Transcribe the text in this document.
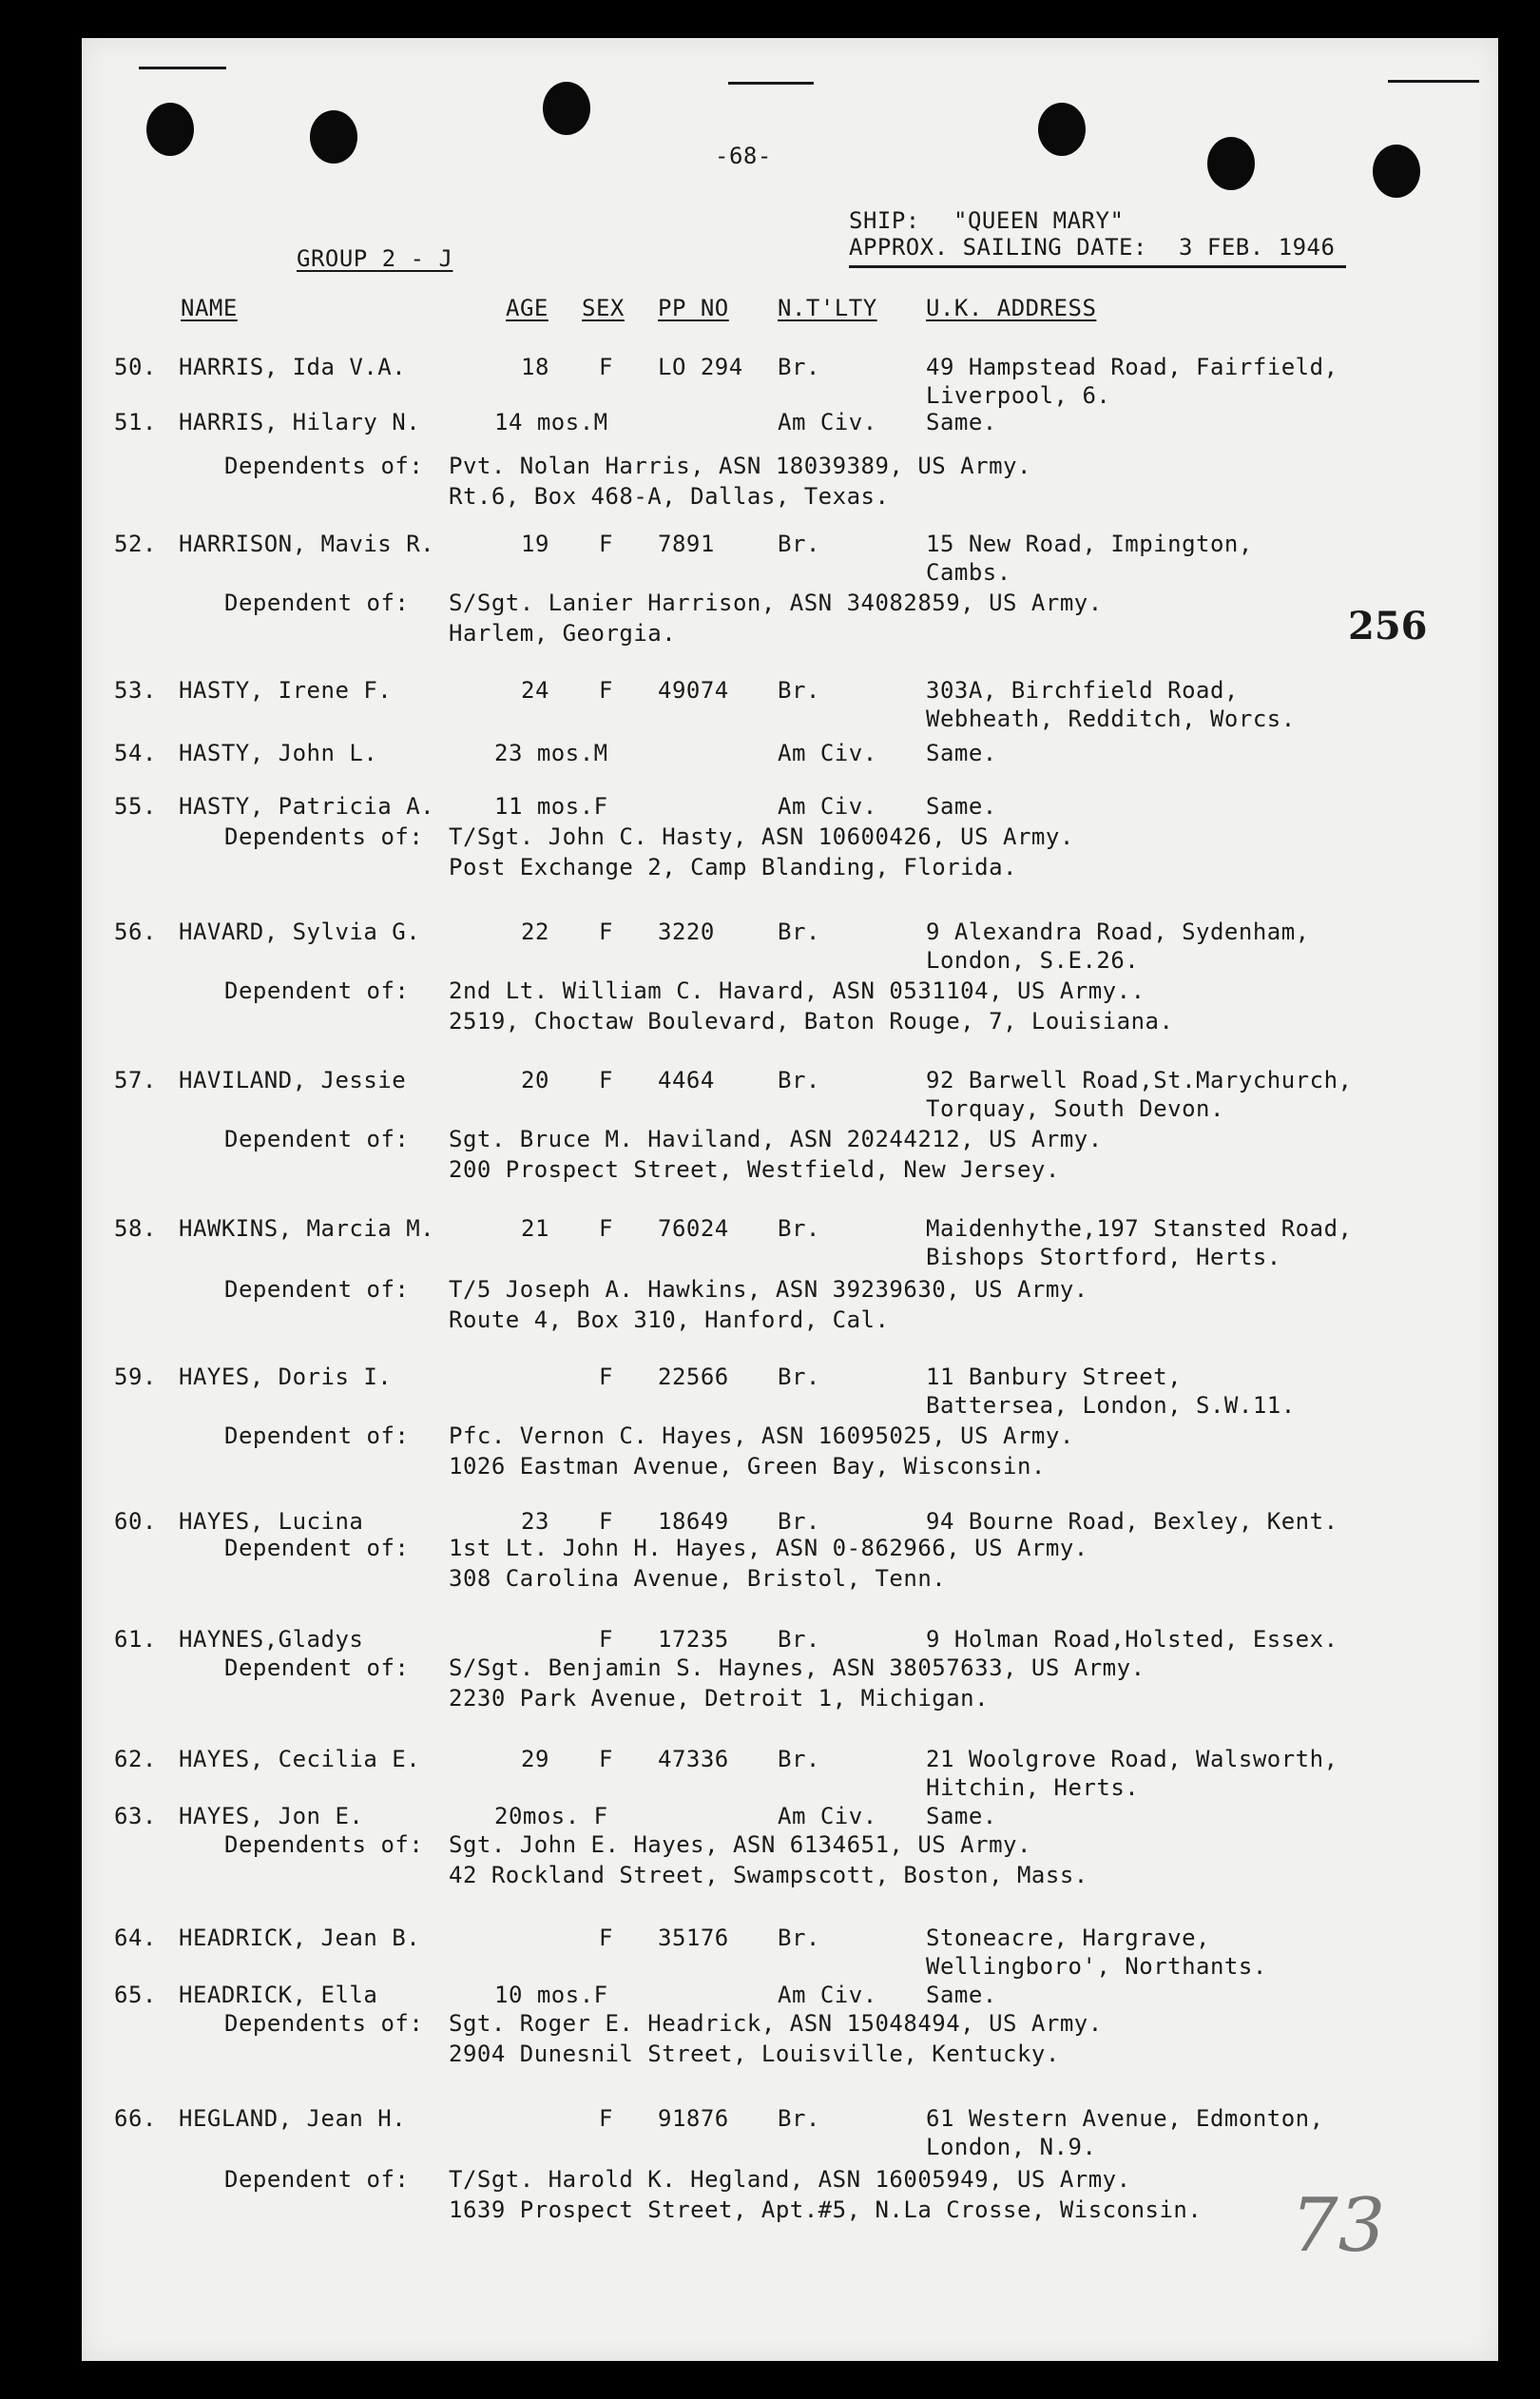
-68-
SHIP: "QUEEN MARY"
APPROX. SAILING DATE: 3 FEB. 1946
GROUP 2 - J
NAME	AGE SEX PP NO N.T'LTY U.K. ADDRESS
256
73
50. HARRIS, Ida V.A.	18 F LO 294 Br.	49 Hampstead Road, Fairfield,
Liverpool, 6.
51. HARRIS, Hilary N.	14 mos.M	Am Civ. Same.
Dependents of: Pvt. Nolan Harris, ASN 18039389, US Army.
Rt.6, Box 468-A, Dallas, Texas.
52. HARRISON, Mavis R.	19 F 7891	Br.	15 New Road, Impington,
Cambs.
Dependent of: S/Sgt. Lanier Harrison, ASN 34082859, US Army.
Harlem, Georgia.
53. HASTY, Irene F.	24 F 49074 Br.	303A, Birchfield Road,
Webheath, Redditch, Worcs.
54. HASTY, John L.	23 mos.M	Am Civ. Same.
55. HASTY, Patricia A.	11 mos.F	Am Civ. Same.
Dependents of: T/Sgt. John C. Hasty, ASN 10600426, US Army.
Post Exchange 2, Camp Blanding, Florida.
56. HAVARD, Sylvia G.	22 F 3220	Br.	9 Alexandra Road, Sydenham,
London, S.E.26.
Dependent of: 2nd Lt. William C. Havard, ASN 0531104, US Army..
2519, Choctaw Boulevard, Baton Rouge, 7, Louisiana.
57. HAVILAND, Jessie	20 F 4464	Br.	92 Barwell Road,St.Marychurch,
Torquay, South Devon.
Dependent of: Sgt. Bruce M. Haviland, ASN 20244212, US Army.
200 Prospect Street, Westfield, New Jersey.
58. HAWKINS, Marcia M.	21 F 76024 Br.	Maidenhythe,197 Stansted Road,
Bishops Stortford, Herts.
Dependent of: T/5 Joseph A. Hawkins, ASN 39239630, US Army.
Route 4, Box 310, Hanford, Cal.
59. HAYES, Doris I.	F 22566 Br.	11 Banbury Street,
Battersea, London, S.W.11.
Dependent of: Pfc. Vernon C. Hayes, ASN 16095025, US Army.
1026 Eastman Avenue, Green Bay, Wisconsin.
60. HAYES, Lucina	23 F 18649 Br.	94 Bourne Road, Bexley, Kent.
Dependent of: 1st Lt. John H. Hayes, ASN 0-862966, US Army.
308 Carolina Avenue, Bristol, Tenn.
61. HAYNES,Gladys	F 17235 Br.	9 Holman Road,Holsted, Essex.
Dependent of: S/Sgt. Benjamin S. Haynes, ASN 38057633, US Army.
2230 Park Avenue, Detroit 1, Michigan.
62. HAYES, Cecilia E.	29 F 47336 Br.	21 Woolgrove Road, Walsworth,
Hitchin, Herts.
63. HAYES, Jon E.	20mos. F	Am Civ. Same.
Dependents of: Sgt. John E. Hayes, ASN 6134651, US Army.
42 Rockland Street, Swampscott, Boston, Mass.
64. HEADRICK, Jean B.	F 35176 Br.	Stoneacre, Hargrave,
Wellingboro', Northants.
65. HEADRICK, Ella	10 mos.F	Am Civ. Same.
Dependents of: Sgt. Roger E. Headrick, ASN 15048494, US Army.
2904 Dunesnil Street, Louisville, Kentucky.
66. HEGLAND, Jean H.	F 91876 Br.	61 Western Avenue, Edmonton,
London, N.9.
Dependent of: T/Sgt. Harold K. Hegland, ASN 16005949, US Army.
1639 Prospect Street, Apt.#5, N.La Crosse, Wisconsin.
